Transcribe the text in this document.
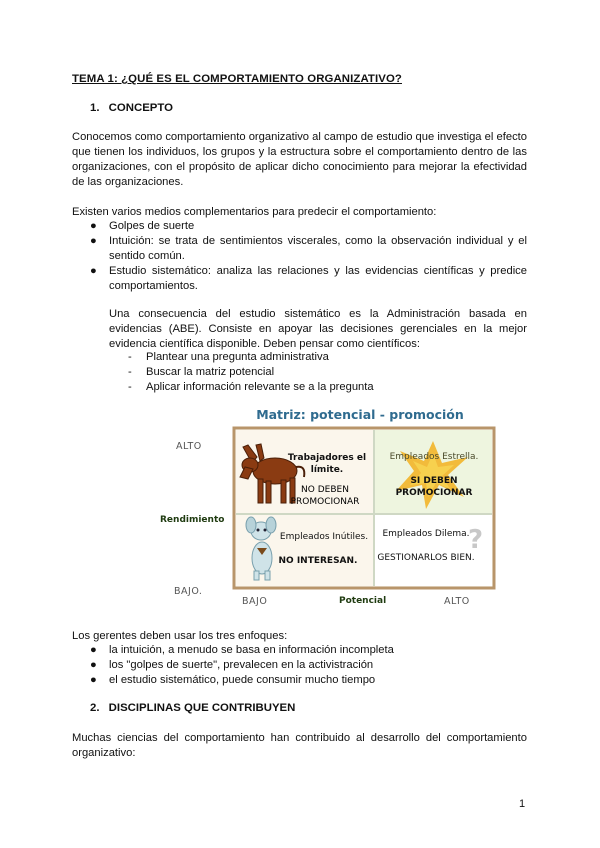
TEMA 1: ¿QUÉ ES EL COMPORTAMIENTO ORGANIZATIVO?
1. CONCEPTO

Conocemos como comportamiento organizativo al campo de estudio que investiga el efecto que tienen los individuos, los grupos y la estructura sobre el comportamiento dentro de las organizaciones, con el propósito de aplicar dicho conocimiento para mejorar la efectividad de las organizaciones.

Existen varios medios complementarios para predecir el comportamiento:

● Golpes de suerte
● Intuición: se trata de sentimientos viscerales, como la observación individual y el sentido común.
● Estudio sistemático: analiza las relaciones y las evidencias científicas y predice comportamientos.

Una consecuencia del estudio sistemático es la Administración basada en evidencias (ABE). Consiste en apoyar las decisiones gerenciales en la mejor evidencia científica disponible. Deben pensar como científicos:

- Plantear una pregunta administrativa
- Buscar la matriz potencial
- Aplicar información relevante se a la pregunta
Matriz: potencial - promoción
ALTO
Rendimiento
BAJO.
BAJO	Potencial	ALTO
Trabajadores el límite.
NO DEBEN PROMOCIONAR
Empleados Estrella.
SI DEBEN PROMOCIONAR
Empleados Inútiles.
NO INTERESAN.
Empleados Dilema.
GESTIONARLOS BIEN.
?

Los gerentes deben usar los tres enfoques:

● la intuición, a menudo se basa en información incompleta
● los "golpes de suerte", prevalecen en la activistración
● el estudio sistemático, puede consumir mucho tiempo
2. DISCIPLINAS QUE CONTRIBUYEN

Muchas ciencias del comportamiento han contribuido al desarrollo del comportamiento organizativo:

1
